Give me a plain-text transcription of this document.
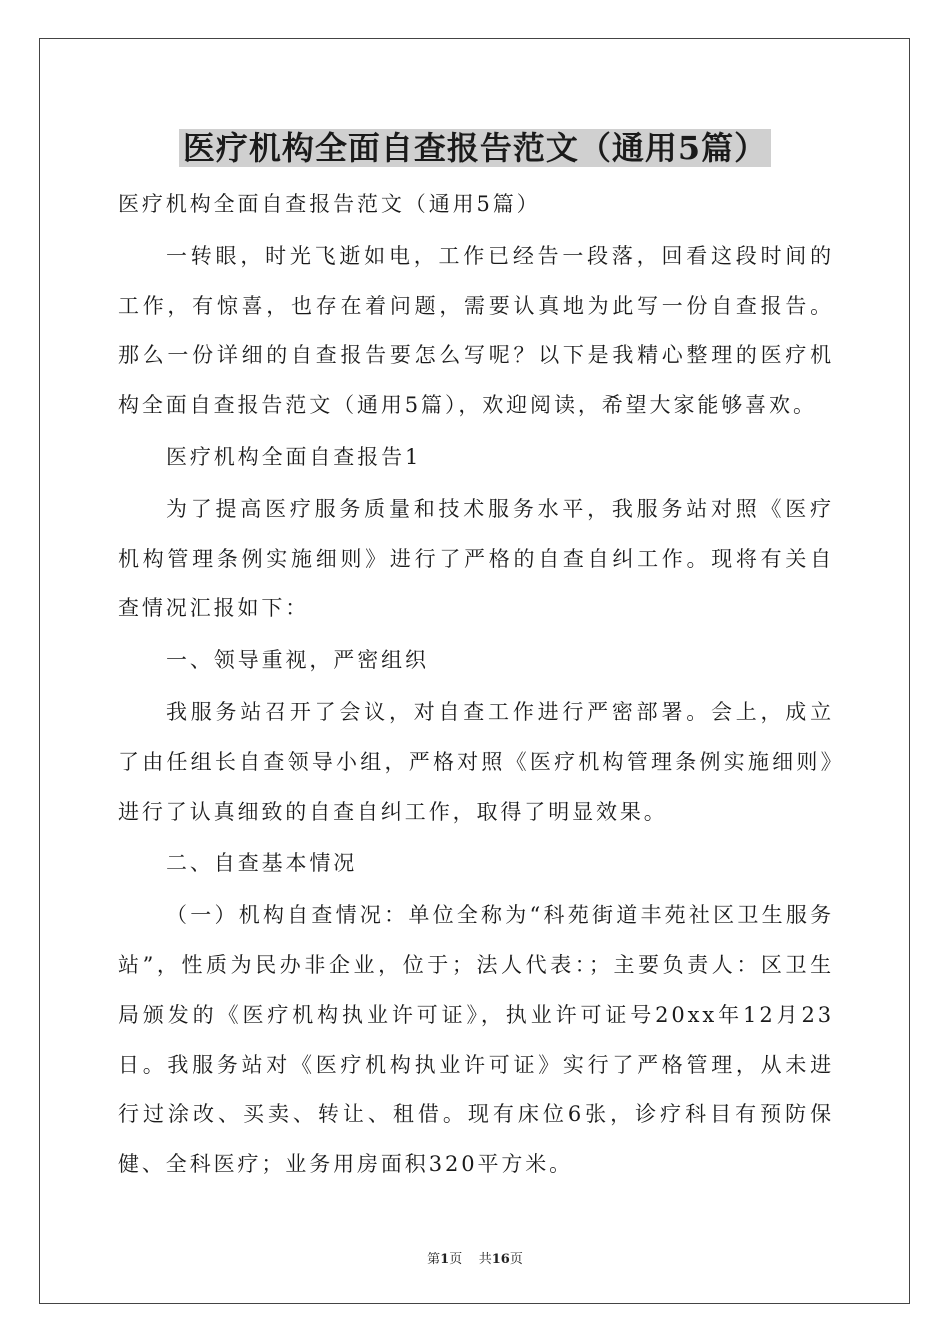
医疗机构全面自查报告范文（通用5篇）

医疗机构全面自查报告范文（通用5篇）

一转眼，时光飞逝如电，工作已经告一段落，回看这段时间的工作，有惊喜，也存在着问题，需要认真地为此写一份自查报告。那么一份详细的自查报告要怎么写呢？以下是我精心整理的医疗机构全面自查报告范文（通用5篇），欢迎阅读，希望大家能够喜欢。

医疗机构全面自查报告1

为了提高医疗服务质量和技术服务水平，我服务站对照《医疗机构管理条例实施细则》进行了严格的自查自纠工作。现将有关自查情况汇报如下：

一、领导重视，严密组织

我服务站召开了会议，对自查工作进行严密部署。会上，成立了由任组长自查领导小组，严格对照《医疗机构管理条例实施细则》进行了认真细致的自查自纠工作，取得了明显效果。

二、自查基本情况

（一）机构自查情况：单位全称为“科苑街道丰苑社区卫生服务站”，性质为民办非企业，位于；法人代表：；主要负责人：区卫生局颁发的《医疗机构执业许可证》，执业许可证号20xx年12月23日。我服务站对《医疗机构执业许可证》实行了严格管理，从未进行过涂改、买卖、转让、租借。现有床位6张，诊疗科目有预防保健、全科医疗；业务用房面积320平方米。

第1页 共16页
